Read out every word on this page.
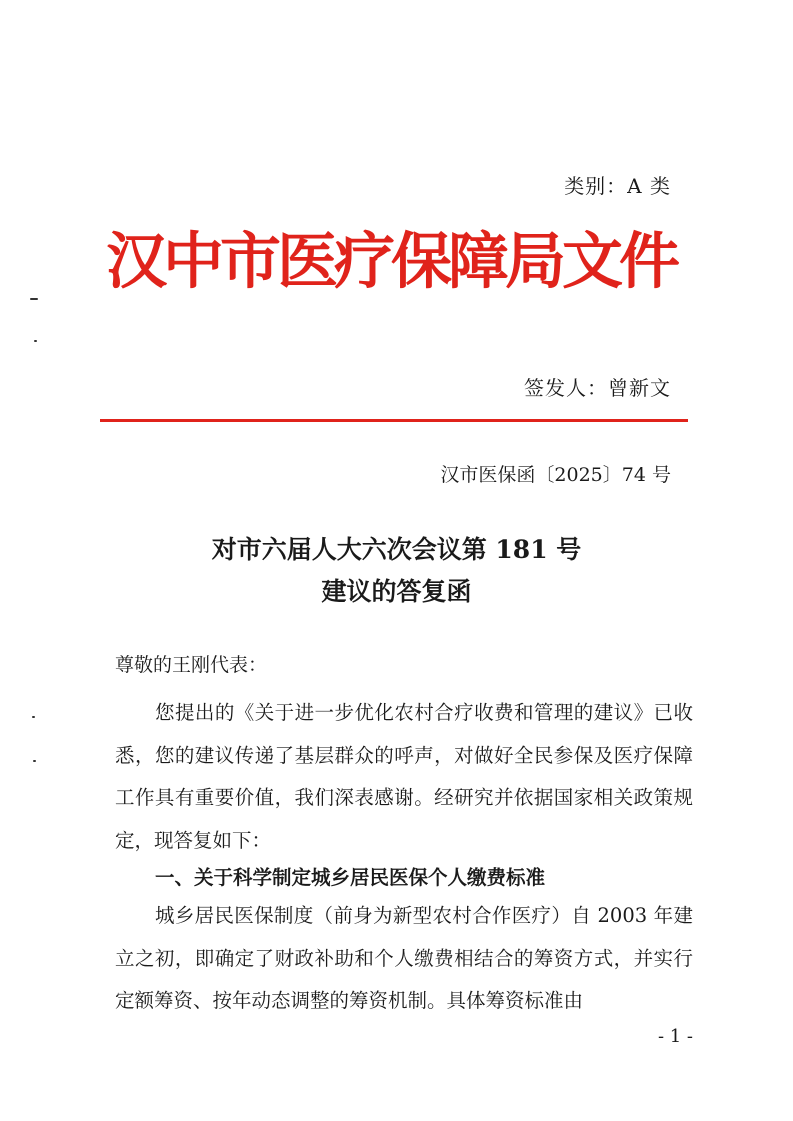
类别：A 类
汉中市医疗保障局文件
签发人：曾新文
汉市医保函〔2025〕74 号
对市六届人大六次会议第 181 号
建议的答复函
尊敬的王刚代表：
您提出的《关于进一步优化农村合疗收费和管理的建议》已收悉，您的建议传递了基层群众的呼声，对做好全民参保及医疗保障工作具有重要价值，我们深表感谢。经研究并依据国家相关政策规定，现答复如下：
一、关于科学制定城乡居民医保个人缴费标准
城乡居民医保制度（前身为新型农村合作医疗）自 2003 年建立之初，即确定了财政补助和个人缴费相结合的筹资方式，并实行定额筹资、按年动态调整的筹资机制。具体筹资标准由
- 1 -
